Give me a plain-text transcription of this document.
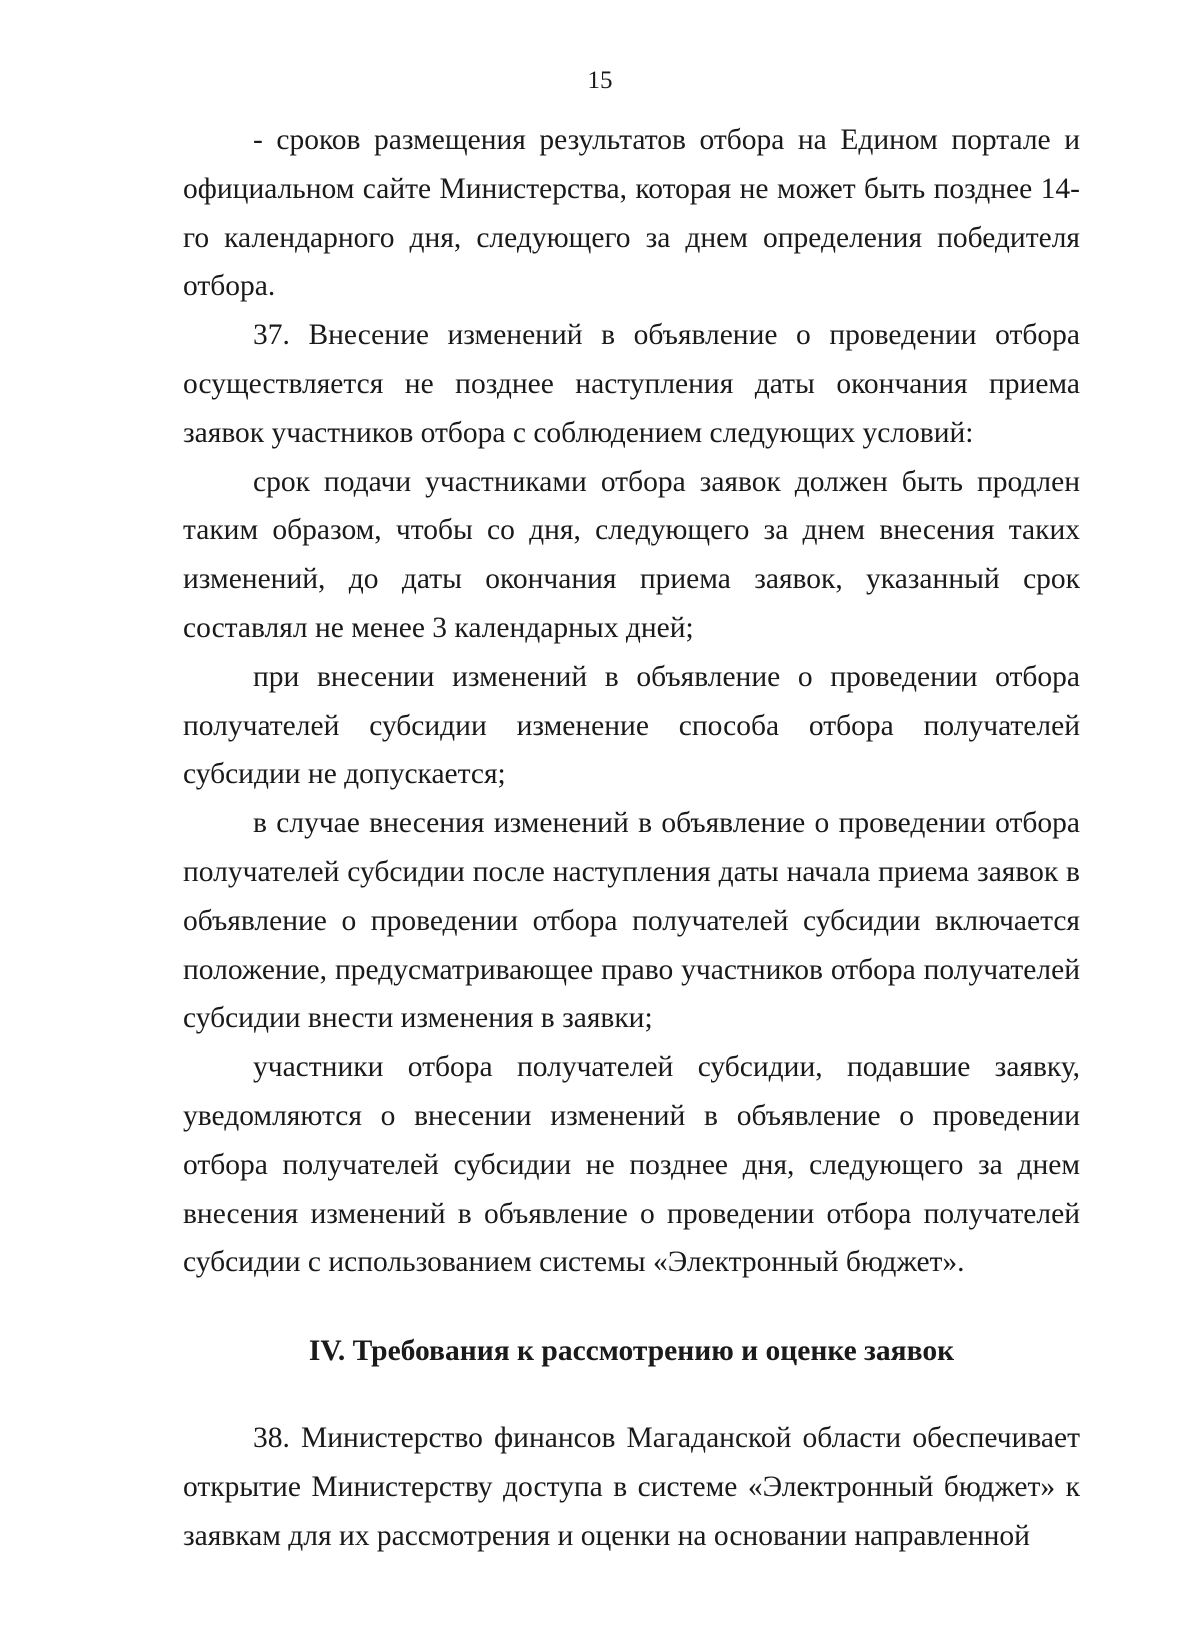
15

- сроков размещения результатов отбора на Едином портале и официальном сайте Министерства, которая не может быть позднее 14-го календарного дня, следующего за днем определения победителя отбора.

37. Внесение изменений в объявление о проведении отбора осуществляется не позднее наступления даты окончания приема заявок участников отбора с соблюдением следующих условий:

срок подачи участниками отбора заявок должен быть продлен таким образом, чтобы со дня, следующего за днем внесения таких изменений, до даты окончания приема заявок, указанный срок составлял не менее 3 календарных дней;

при внесении изменений в объявление о проведении отбора получателей субсидии изменение способа отбора получателей субсидии не допускается;

в случае внесения изменений в объявление о проведении отбора получателей субсидии после наступления даты начала приема заявок в объявление о проведении отбора получателей субсидии включается положение, предусматривающее право участников отбора получателей субсидии внести изменения в заявки;

участники отбора получателей субсидии, подавшие заявку, уведомляются о внесении изменений в объявление о проведении отбора получателей субсидии не позднее дня, следующего за днем внесения изменений в объявление о проведении отбора получателей субсидии с использованием системы «Электронный бюджет».

IV. Требования к рассмотрению и оценке заявок

38. Министерство финансов Магаданской области обеспечивает открытие Министерству доступа в системе «Электронный бюджет» к заявкам для их рассмотрения и оценки на основании направленной
